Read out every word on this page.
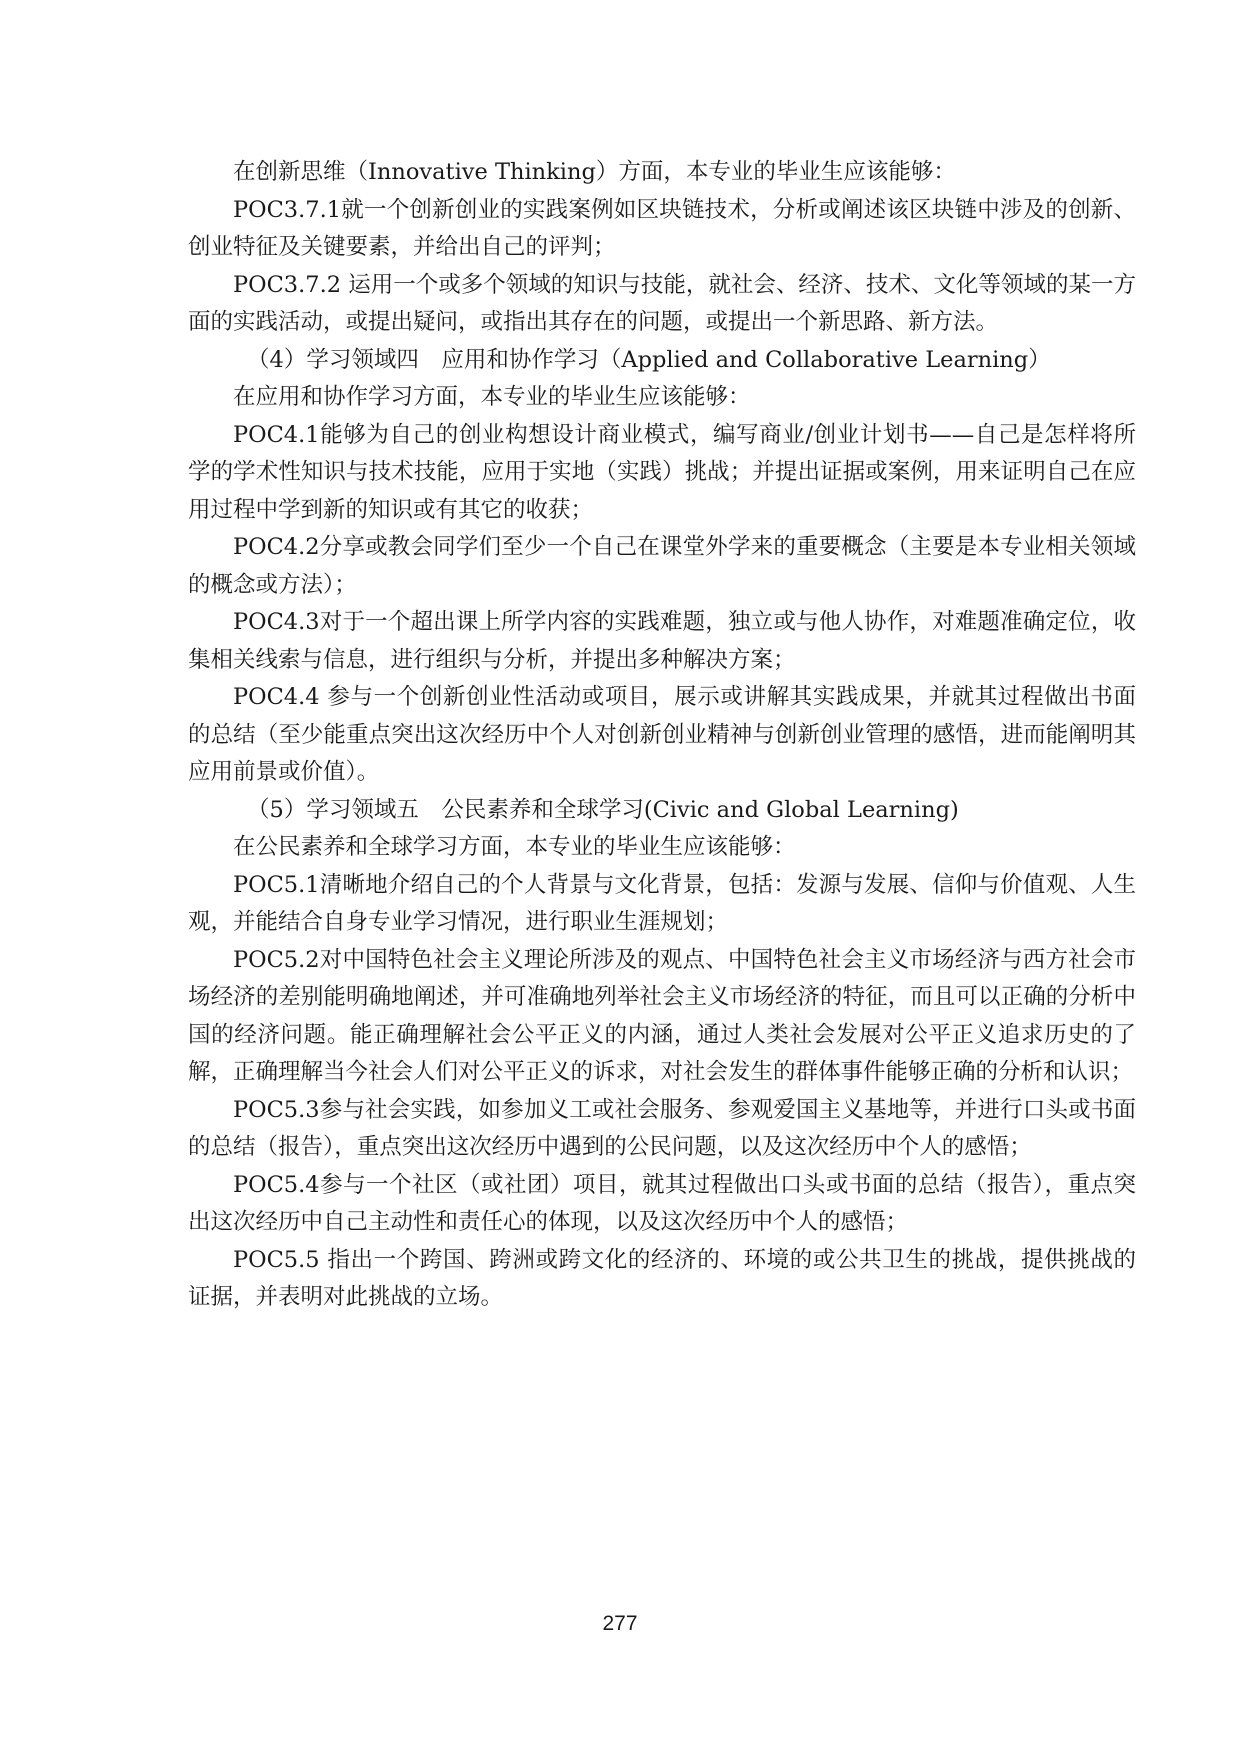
在创新思维（Innovative Thinking）方面，本专业的毕业生应该能够：

POC3.7.1就一个创新创业的实践案例如区块链技术，分析或阐述该区块链中涉及的创新、创业特征及关键要素，并给出自己的评判；

POC3.7.2 运用一个或多个领域的知识与技能，就社会、经济、技术、文化等领域的某一方面的实践活动，或提出疑问，或指出其存在的问题，或提出一个新思路、新方法。

（4）学习领域四　应用和协作学习（Applied and Collaborative Learning）

在应用和协作学习方面，本专业的毕业生应该能够：

POC4.1能够为自己的创业构想设计商业模式，编写商业/创业计划书——自己是怎样将所学的学术性知识与技术技能，应用于实地（实践）挑战；并提出证据或案例，用来证明自己在应用过程中学到新的知识或有其它的收获；

POC4.2分享或教会同学们至少一个自己在课堂外学来的重要概念（主要是本专业相关领域的概念或方法）；

POC4.3对于一个超出课上所学内容的实践难题，独立或与他人协作，对难题准确定位，收集相关线索与信息，进行组织与分析，并提出多种解决方案；

POC4.4 参与一个创新创业性活动或项目，展示或讲解其实践成果，并就其过程做出书面的总结（至少能重点突出这次经历中个人对创新创业精神与创新创业管理的感悟，进而能阐明其应用前景或价值）。

（5）学习领域五　公民素养和全球学习(Civic and Global Learning)

在公民素养和全球学习方面，本专业的毕业生应该能够：

POC5.1清晰地介绍自己的个人背景与文化背景，包括：发源与发展、信仰与价值观、人生观，并能结合自身专业学习情况，进行职业生涯规划；

POC5.2对中国特色社会主义理论所涉及的观点、中国特色社会主义市场经济与西方社会市场经济的差别能明确地阐述，并可准确地列举社会主义市场经济的特征，而且可以正确的分析中国的经济问题。能正确理解社会公平正义的内涵，通过人类社会发展对公平正义追求历史的了解，正确理解当今社会人们对公平正义的诉求，对社会发生的群体事件能够正确的分析和认识；

POC5.3参与社会实践，如参加义工或社会服务、参观爱国主义基地等，并进行口头或书面的总结（报告），重点突出这次经历中遇到的公民问题，以及这次经历中个人的感悟；

POC5.4参与一个社区（或社团）项目，就其过程做出口头或书面的总结（报告），重点突出这次经历中自己主动性和责任心的体现，以及这次经历中个人的感悟；

POC5.5 指出一个跨国、跨洲或跨文化的经济的、环境的或公共卫生的挑战，提供挑战的证据，并表明对此挑战的立场。

277
